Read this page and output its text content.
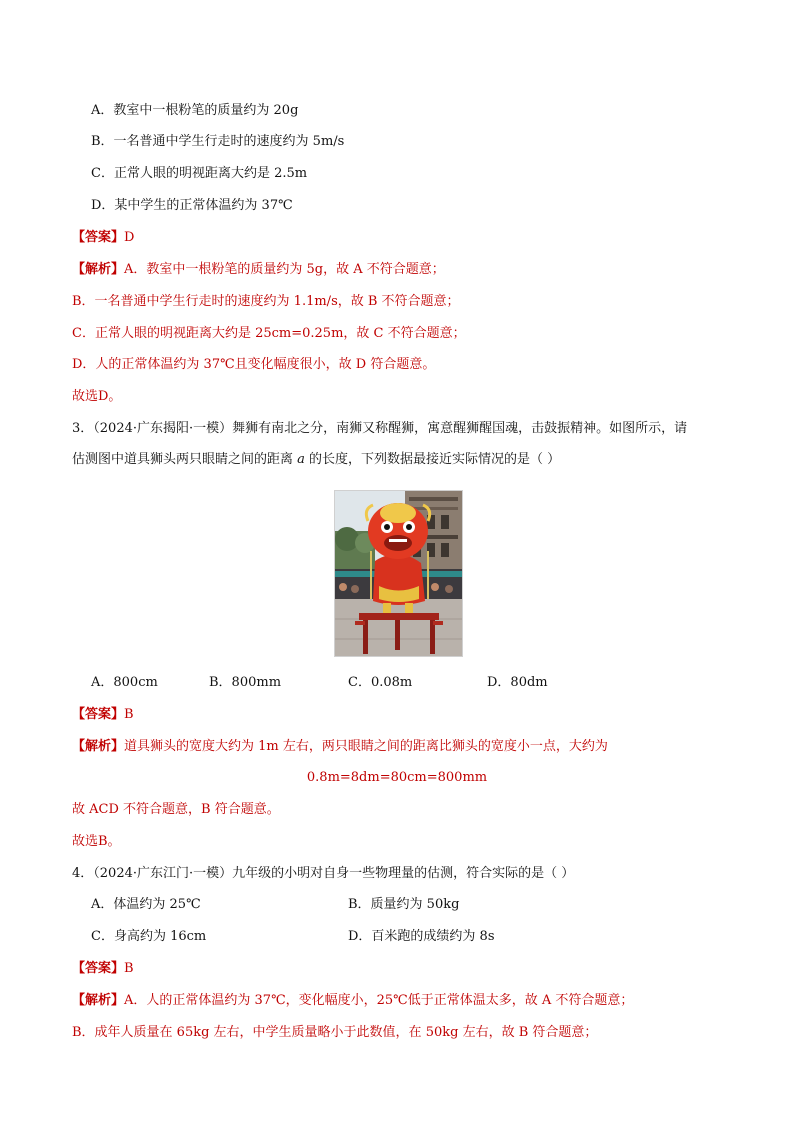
A．教室中一根粉笔的质量约为 20g
B．一名普通中学生行走时的速度约为 5m/s
C．正常人眼的明视距离大约是 2.5m
D．某中学生的正常体温约为 37℃
【答案】D
【解析】A．教室中一根粉笔的质量约为 5g，故 A 不符合题意；
B．一名普通中学生行走时的速度约为 1.1m/s，故 B 不符合题意；
C．正常人眼的明视距离大约是 25cm=0.25m，故 C 不符合题意；
D．人的正常体温约为 37℃且变化幅度很小，故 D 符合题意。
故选D。
3．（2024·广东揭阳·一模）舞狮有南北之分，南狮又称醒狮，寓意醒狮醒国魂，击鼓振精神。如图所示，请
估测图中道具狮头两只眼睛之间的距离 a 的长度，下列数据最接近实际情况的是（ ）
A．800cm	B．800mm	C．0.08m	D．80dm
【答案】B
【解析】道具狮头的宽度大约为 1m 左右，两只眼睛之间的距离比狮头的宽度小一点，大约为
0.8m=8dm=80cm=800mm
故 ACD 不符合题意，B 符合题意。
故选B。
4．（2024·广东江门·一模）九年级的小明对自身一些物理量的估测，符合实际的是（ ）
A．体温约为 25℃	B．质量约为 50kg
C．身高约为 16cm	D．百米跑的成绩约为 8s
【答案】B
【解析】A．人的正常体温约为 37℃，变化幅度小，25℃低于正常体温太多，故 A 不符合题意；
B．成年人质量在 65kg 左右，中学生质量略小于此数值，在 50kg 左右，故 B 符合题意；
